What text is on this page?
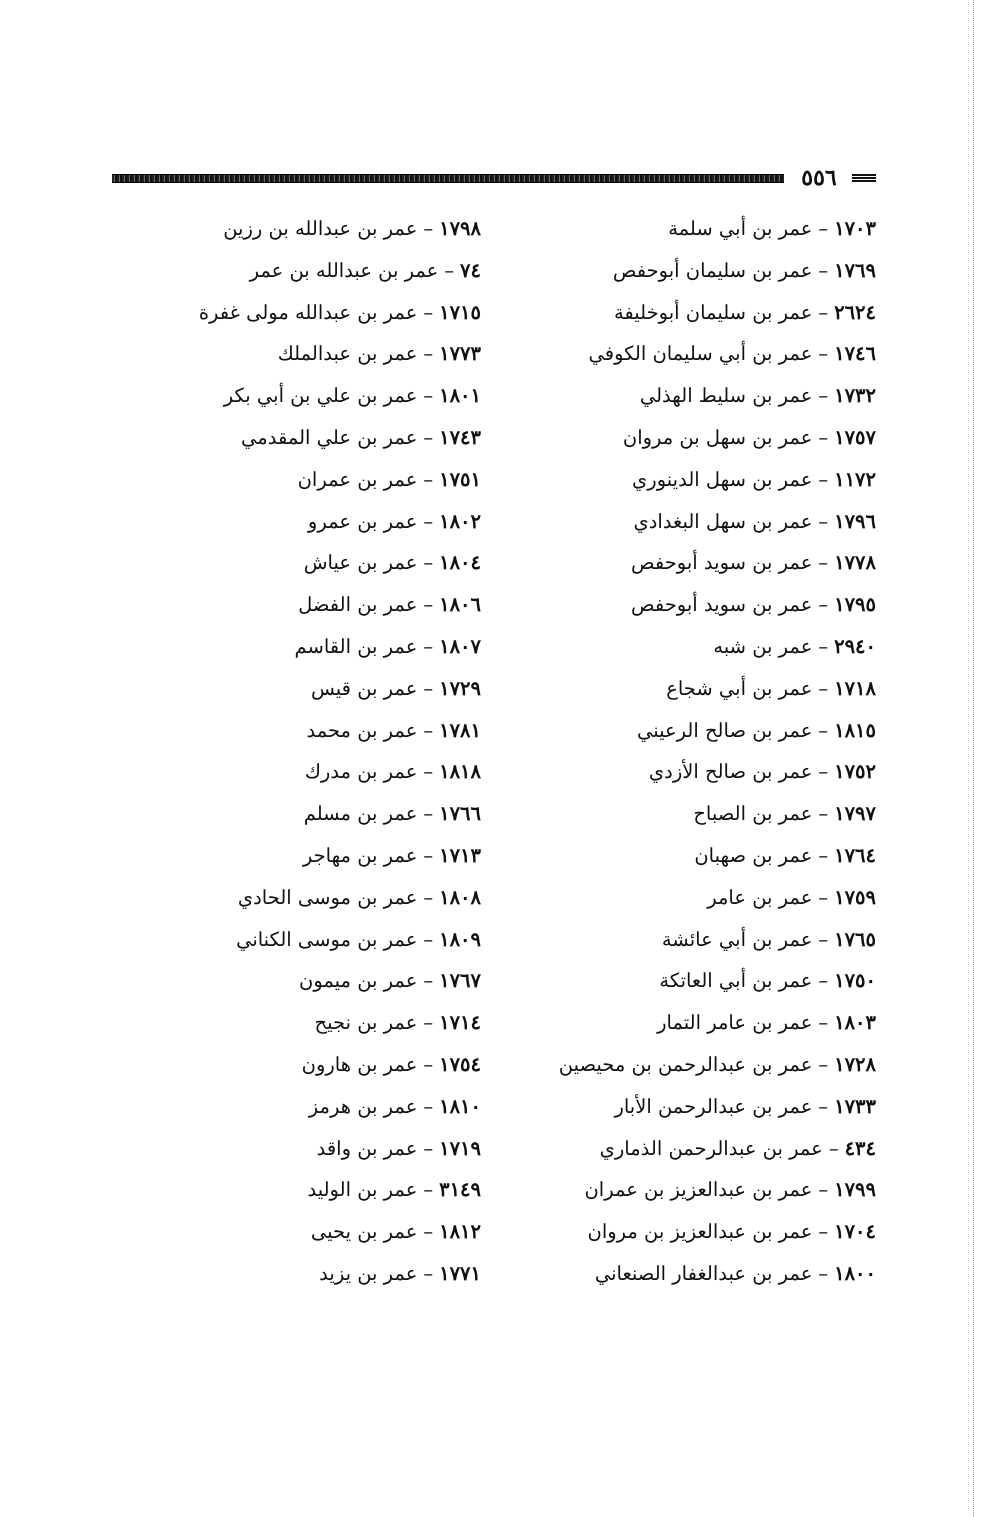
٥٥٦
١٧٠٣–عمر بن أبي سلمة
١٧٦٩–عمر بن سليمان أبوحفص
٢٦٢٤–عمر بن سليمان أبوخليفة
١٧٤٦–عمر بن أبي سليمان الكوفي
١٧٣٢–عمر بن سليط الهذلي
١٧٥٧–عمر بن سهل بن مروان
١١٧٢–عمر بن سهل الدينوري
١٧٩٦–عمر بن سهل البغدادي
١٧٧٨–عمر بن سويد أبوحفص
١٧٩٥–عمر بن سويد أبوحفص
٢٩٤٠–عمر بن شبه
١٧١٨–عمر بن أبي شجاع
١٨١٥–عمر بن صالح الرعيني
١٧٥٢–عمر بن صالح الأزدي
١٧٩٧–عمر بن الصباح
١٧٦٤–عمر بن صهبان
١٧٥٩–عمر بن عامر
١٧٦٥–عمر بن أبي عائشة
١٧٥٠–عمر بن أبي العاتكة
١٨٠٣–عمر بن عامر التمار
١٧٢٨–عمر بن عبدالرحمن بن محيصين
١٧٣٣–عمر بن عبدالرحمن الأبار
٤٣٤–عمر بن عبدالرحمن الذماري
١٧٩٩–عمر بن عبدالعزيز بن عمران
١٧٠٤–عمر بن عبدالعزيز بن مروان
١٨٠٠–عمر بن عبدالغفار الصنعاني
١٧٩٨–عمر بن عبدالله بن رزين
٧٤–عمر بن عبدالله بن عمر
١٧١٥–عمر بن عبدالله مولى غفرة
١٧٧٣–عمر بن عبدالملك
١٨٠١–عمر بن علي بن أبي بكر
١٧٤٣–عمر بن علي المقدمي
١٧٥١–عمر بن عمران
١٨٠٢–عمر بن عمرو
١٨٠٤–عمر بن عياش
١٨٠٦–عمر بن الفضل
١٨٠٧–عمر بن القاسم
١٧٢٩–عمر بن قيس
١٧٨١–عمر بن محمد
١٨١٨–عمر بن مدرك
١٧٦٦–عمر بن مسلم
١٧١٣–عمر بن مهاجر
١٨٠٨–عمر بن موسى الحادي
١٨٠٩–عمر بن موسى الكناني
١٧٦٧–عمر بن ميمون
١٧١٤–عمر بن نجيح
١٧٥٤–عمر بن هارون
١٨١٠–عمر بن هرمز
١٧١٩–عمر بن واقد
٣١٤٩–عمر بن الوليد
١٨١٢–عمر بن يحيى
١٧٧١–عمر بن يزيد
